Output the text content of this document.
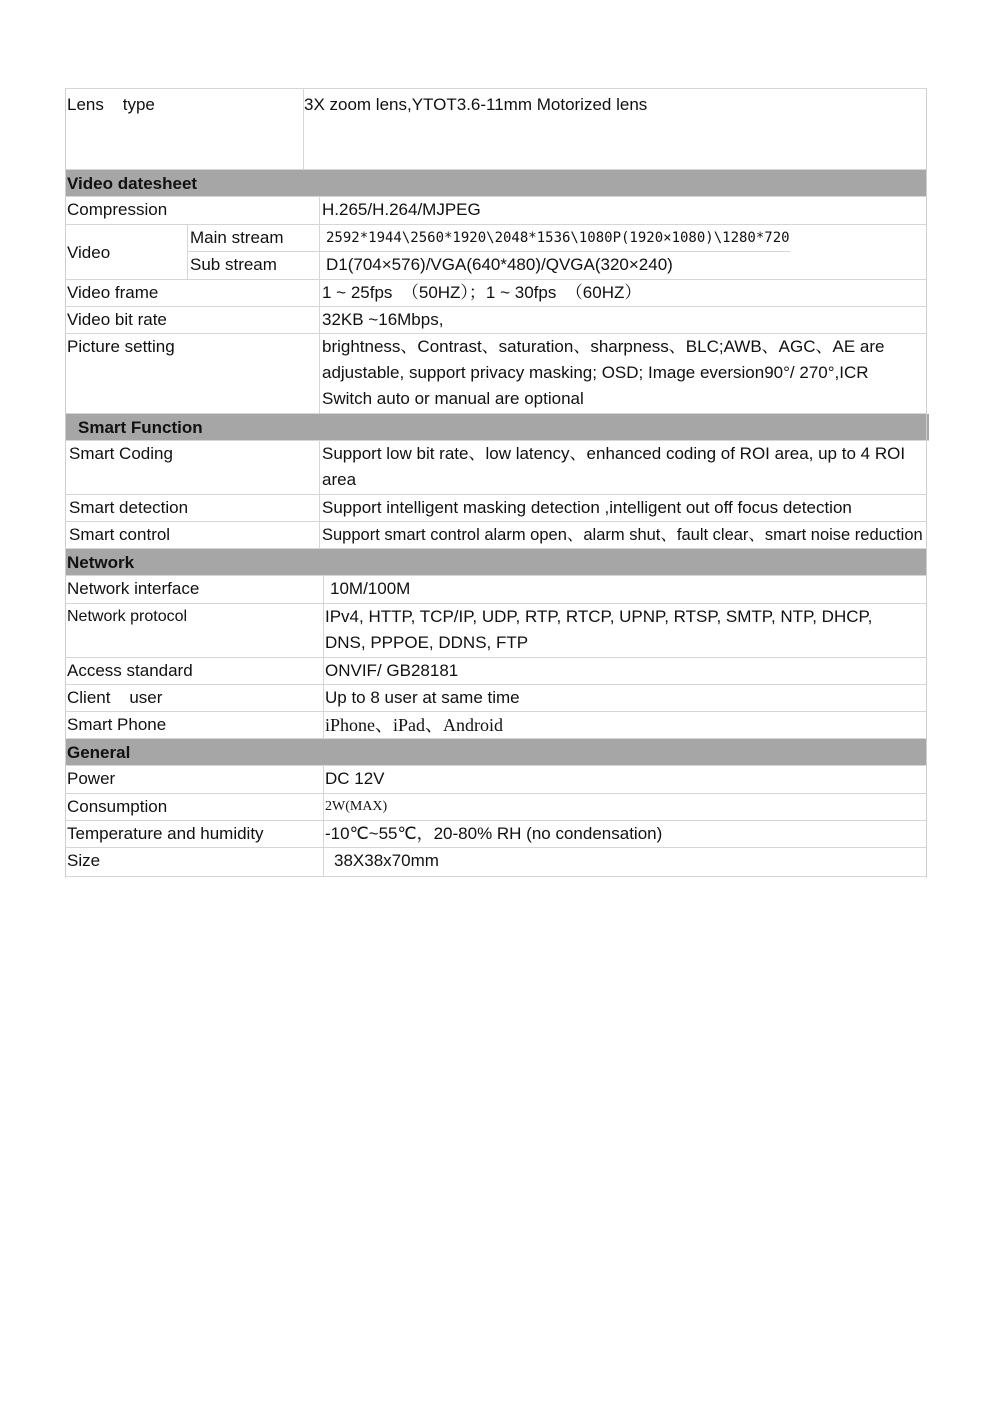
Lens    type	3X zoom lens,YTOT3.6-11mm Motorized lens
Video datesheet
Compression	H.265/H.264/MJPEG
Video
Main stream	2592*1944\2560*1920\2048*1536\1080P(1920×1080)\1280*720
Sub stream	D1(704×576)/VGA(640*480)/QVGA(320×240)
Video frame	1 ~ 25fps  （50HZ）；1 ~ 30fps  （60HZ）
Video bit rate	32KB ~16Mbps,
Picture setting	brightness、Contrast、saturation、sharpness、BLC;AWB、AGC、AE are
adjustable, support privacy masking; OSD; Image eversion90°/ 270°,ICR
Switch auto or manual are optional
Smart Function
Smart Coding	Support low bit rate、low latency、enhanced coding of ROI area, up to 4 ROI
area
Smart detection	Support intelligent masking detection ,intelligent out off focus detection
Smart control	Support smart control alarm open、alarm shut、fault clear、smart noise reduction
Network
Network interface	10M/100M
Network protocol	IPv4, HTTP, TCP/IP, UDP, RTP, RTCP, UPNP, RTSP, SMTP, NTP, DHCP,
DNS, PPPOE, DDNS, FTP
Access standard	ONVIF/ GB28181
Client    user	Up to 8 user at same time
Smart Phone	iPhone、iPad、Android
General
Power	DC 12V
Consumption	2W(MAX)
Temperature and humidity	-10℃~55℃，20-80% RH (no condensation)
Size	38X38x70mm
